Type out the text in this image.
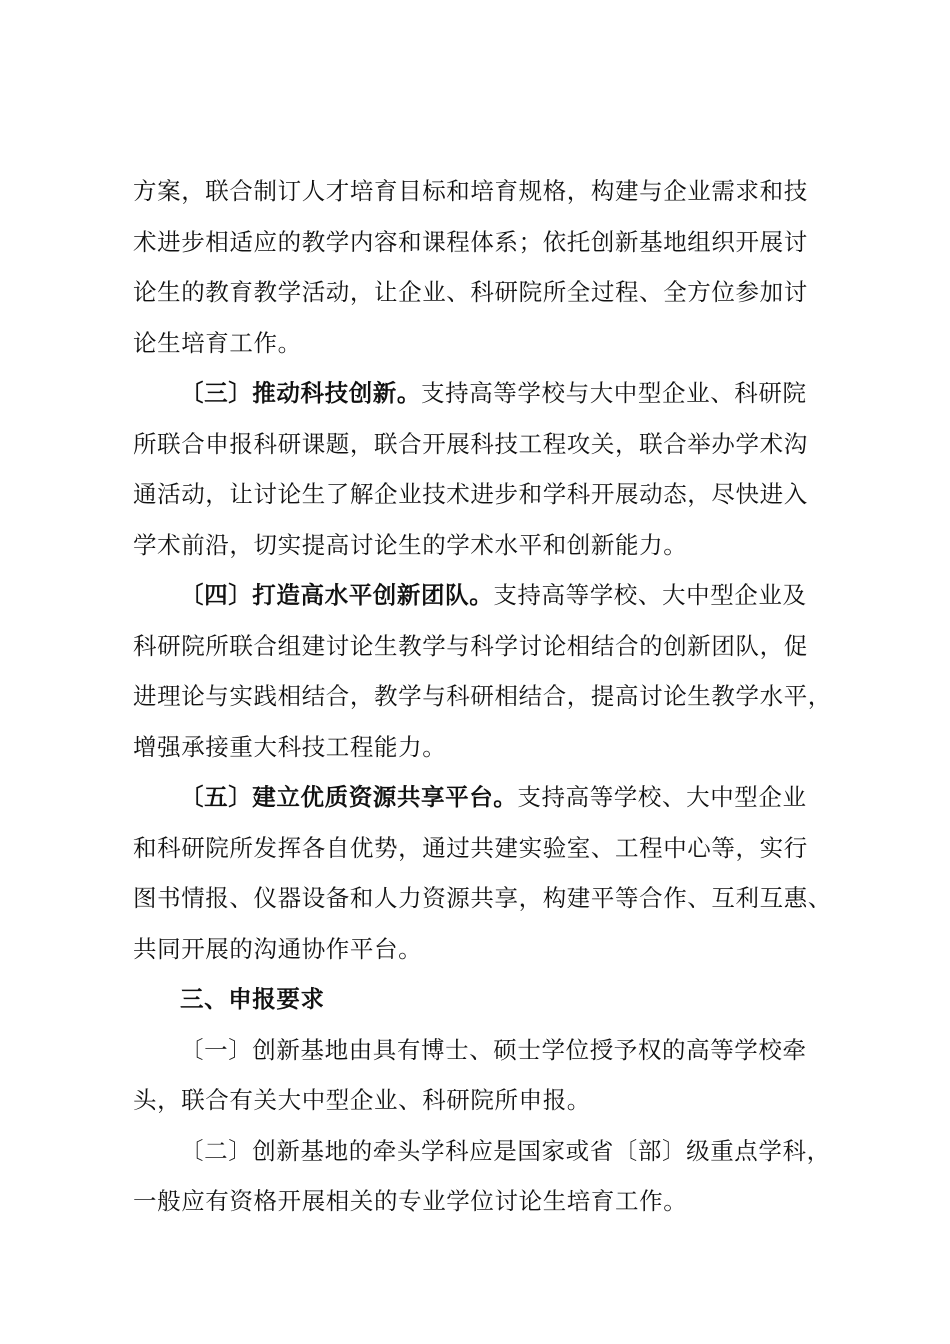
方案，联合制订人才培育目标和培育规格，构建与企业需求和技
术进步相适应的教学内容和课程体系；依托创新基地组织开展讨
论生的教育教学活动，让企业、科研院所全过程、全方位参加讨
论生培育工作。
〔三〕推动科技创新。支持高等学校与大中型企业、科研院
所联合申报科研课题，联合开展科技工程攻关，联合举办学术沟
通活动，让讨论生了解企业技术进步和学科开展动态，尽快进入
学术前沿，切实提高讨论生的学术水平和创新能力。
〔四〕打造高水平创新团队。支持高等学校、大中型企业及
科研院所联合组建讨论生教学与科学讨论相结合的创新团队，促
进理论与实践相结合，教学与科研相结合，提高讨论生教学水平，
增强承接重大科技工程能力。
〔五〕建立优质资源共享平台。支持高等学校、大中型企业
和科研院所发挥各自优势，通过共建实验室、工程中心等，实行
图书情报、仪器设备和人力资源共享，构建平等合作、互利互惠、
共同开展的沟通协作平台。
三、申报要求
〔一〕创新基地由具有博士、硕士学位授予权的高等学校牵
头，联合有关大中型企业、科研院所申报。
〔二〕创新基地的牵头学科应是国家或省〔部〕级重点学科，
一般应有资格开展相关的专业学位讨论生培育工作。
